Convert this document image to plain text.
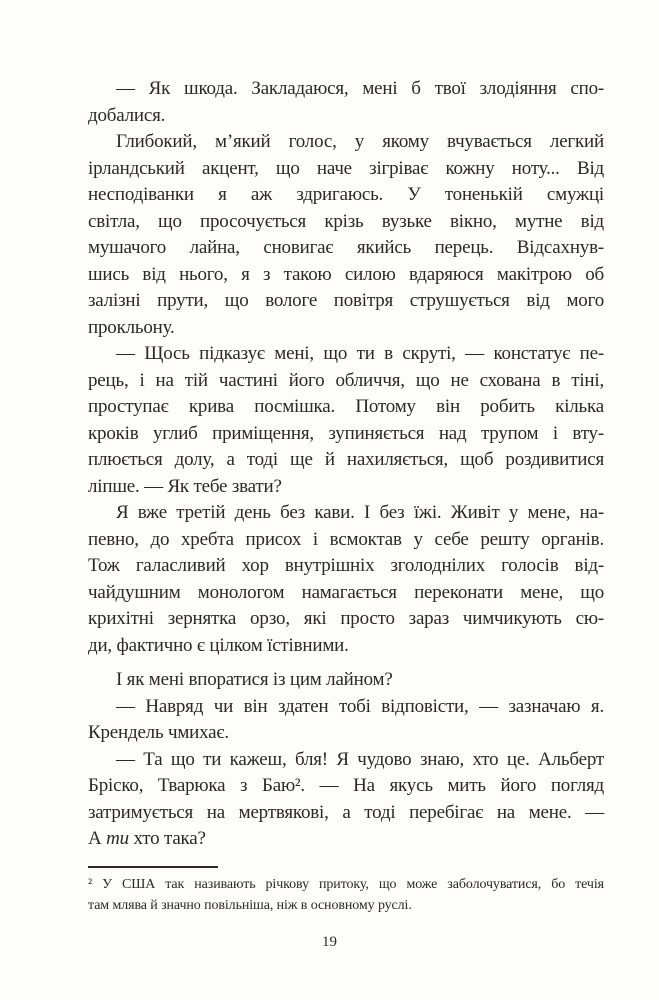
— Як шкода. Закладаюся, мені б твої злодіяння спо-
добалися.
Глибокий, м’який голос, у якому вчувається легкий
ірландський акцент, що наче зігріває кожну ноту... Від
несподіванки я аж здригаюсь. У тоненькій смужці
світла, що просочується крізь вузьке вікно, мутне від
мушачого лайна, сновигає якийсь перець. Відсахнув-
шись від нього, я з такою силою вдаряюся макітрою об
залізні прути, що вологе повітря струшується від мого
прокльону.
— Щось підказує мені, що ти в скруті, — констатує пе-
рець, і на тій частині його обличчя, що не схована в тіні,
проступає крива посмішка. Потому він робить кілька
кроків углиб приміщення, зупиняється над трупом і вту-
плюється долу, а тоді ще й нахиляється, щоб роздивитися
ліпше. — Як тебе звати?
Я вже третій день без кави. І без їжі. Живіт у мене, на-
певно, до хребта присох і всмоктав у себе решту органів.
Тож галасливий хор внутрішніх зголоднілих голосів від-
чайдушним монологом намагається переконати мене, що
крихітні зернятка орзо, які просто зараз чимчикують сю-
ди, фактично є цілком їстівними.
І як мені впоратися із цим лайном?
— Навряд чи він здатен тобі відповісти, — зазначаю я.
Крендель чмихає.
— Та що ти кажеш, бля! Я чудово знаю, хто це. Альберт
Бріско, Тварюка з Баю². — На якусь мить його погляд
затримується на мертвякові, а тоді перебігає на мене. —
А ти хто така?
² У США так називають річкову притоку, що може заболочуватися, бо течія
там млява й значно повільніша, ніж в основному руслі.
19
